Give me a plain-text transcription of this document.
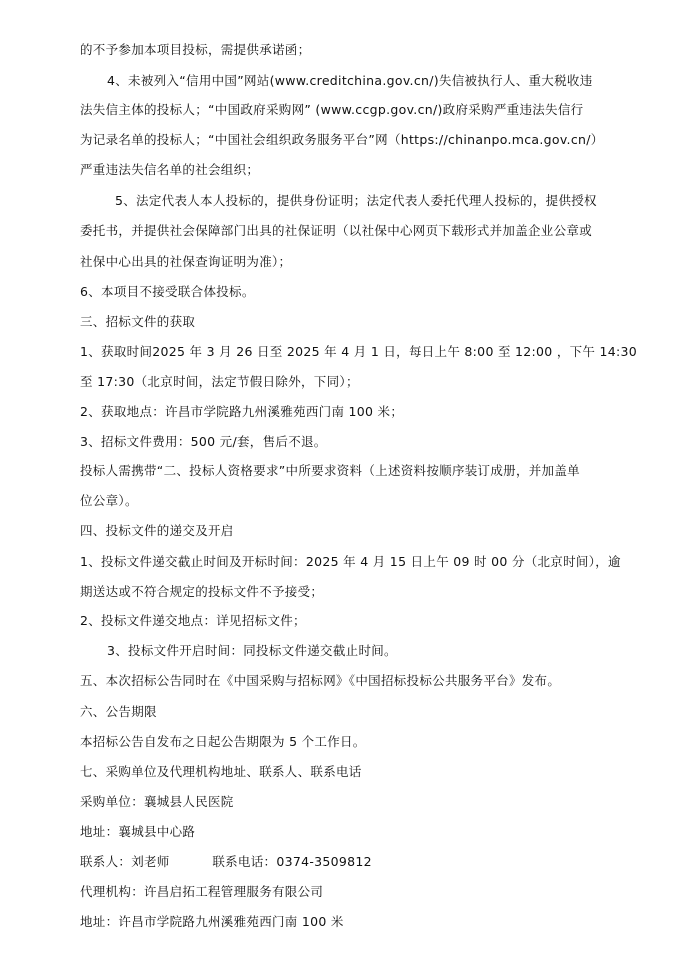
的不予参加本项目投标，需提供承诺函；
4、未被列入“信用中国”网站(www.creditchina.gov.cn/)失信被执行人、重大税收违
法失信主体的投标人；“中国政府采购网” (www.ccgp.gov.cn/)政府采购严重违法失信行
为记录名单的投标人；“中国社会组织政务服务平台”网（https://chinanpo.mca.gov.cn/）
严重违法失信名单的社会组织；
5、法定代表人本人投标的，提供身份证明；法定代表人委托代理人投标的，提供授权
委托书，并提供社会保障部门出具的社保证明（以社保中心网页下载形式并加盖企业公章或
社保中心出具的社保查询证明为准）；
6、本项目不接受联合体投标。
三、招标文件的获取
1、获取时间2025 年 3 月 26 日至 2025 年 4 月 1 日，每日上午 8:00 至 12:00 ，下午 14:30
至 17:30（北京时间，法定节假日除外，下同）；
2、获取地点：许昌市学院路九州溪雅苑西门南 100 米；
3、招标文件费用：500 元/套，售后不退。
投标人需携带“二、投标人资格要求”中所要求资料（上述资料按顺序装订成册，并加盖单
位公章）。
四、投标文件的递交及开启
1、投标文件递交截止时间及开标时间：2025 年 4 月 15 日上午 09 时 00 分（北京时间），逾
期送达或不符合规定的投标文件不予接受；
2、投标文件递交地点：详见招标文件；
3、投标文件开启时间：同投标文件递交截止时间。
五、本次招标公告同时在《中国采购与招标网》《中国招标投标公共服务平台》发布。
六、公告期限
本招标公告自发布之日起公告期限为 5 个工作日。
七、采购单位及代理机构地址、联系人、联系电话
采购单位：襄城县人民医院
地址：襄城县中心路
联系人：刘老师          联系电话：0374-3509812
代理机构：许昌启拓工程管理服务有限公司
地址：许昌市学院路九州溪雅苑西门南 100 米
